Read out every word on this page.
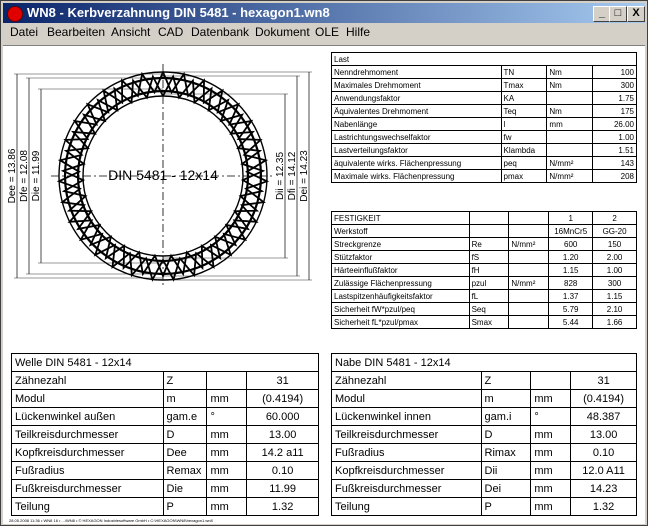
WN8 - Kerbverzahnung DIN 5481 - hexagon1.wn8	_ □	X
Datei Bearbeiten Ansicht CAD Datenbank Dokument OLE Hilfe
Dee = 13.86 Dfe = 12.08 Die = 11.99	Dii = 12.35 Dfi = 14.12 Dei = 14.23
DIN 5481 - 12x14
Last			
Nenndrehmoment	TN	Nm	100
Maximales Drehmoment	Tmax	Nm	300
Anwendungsfaktor	KA		1.75
Äquivalentes Drehmoment	Teq	Nm	175
Nabenlänge	l	mm	26.00
Lastrichtungswechselfaktor	fw		1.00
Lastverteilungsfaktor	Klambda		1.51
äquivalente wirks. Flächenpressung	peq	N/mm²	143
Maximale wirks. Flächenpressung	pmax	N/mm²	208
FESTIGKEIT			1	2
Werkstoff			16MnCr5	GG-20
Streckgrenze	Re	N/mm²	600	150
Stützfaktor	fS		1.20	2.00
Härteeinflußfaktor	fH		1.15	1.00
Zulässige Flächenpressung	pzul	N/mm²	828	300
Lastspitzenhäufigkeitsfaktor	fL		1.37	1.15
Sicherheit fW*pzul/peq	Seq		5.79	2.10
Sicherheit fL*pzul/pmax	Smax		5.44	1.66
Welle DIN 5481 - 12x14			
Zähnezahl	Z		31
Modul	m	mm	(0.4194)
Lückenwinkel außen	gam.e	°	60.000
Teilkreisdurchmesser	D	mm	13.00
Kopfkreisdurchmesser	Dee	mm	14.2 a11
Fußradius	Remax	mm	0.10
Fußkreisdurchmesser	Die	mm	11.99
Teilung	P	mm	1.32
Nabe DIN 5481 - 12x14			
Zähnezahl	Z		31
Modul	m	mm	(0.4194)
Lückenwinkel innen	gam.i	°	48.387
Teilkreisdurchmesser	D	mm	13.00
Fußradius	Rimax	mm	0.10
Kopfkreisdurchmesser	Dii	mm	12.0 A11
Fußkreisdurchmesser	Dei	mm	14.23
Teilung	P	mm	1.32
28.05.2008 11:36 • WN8 16 • ...\WN8 • © HEXAGON Industriesoftware GmbH • C:\HEXAGON\WN8\hexagon1.wn8
